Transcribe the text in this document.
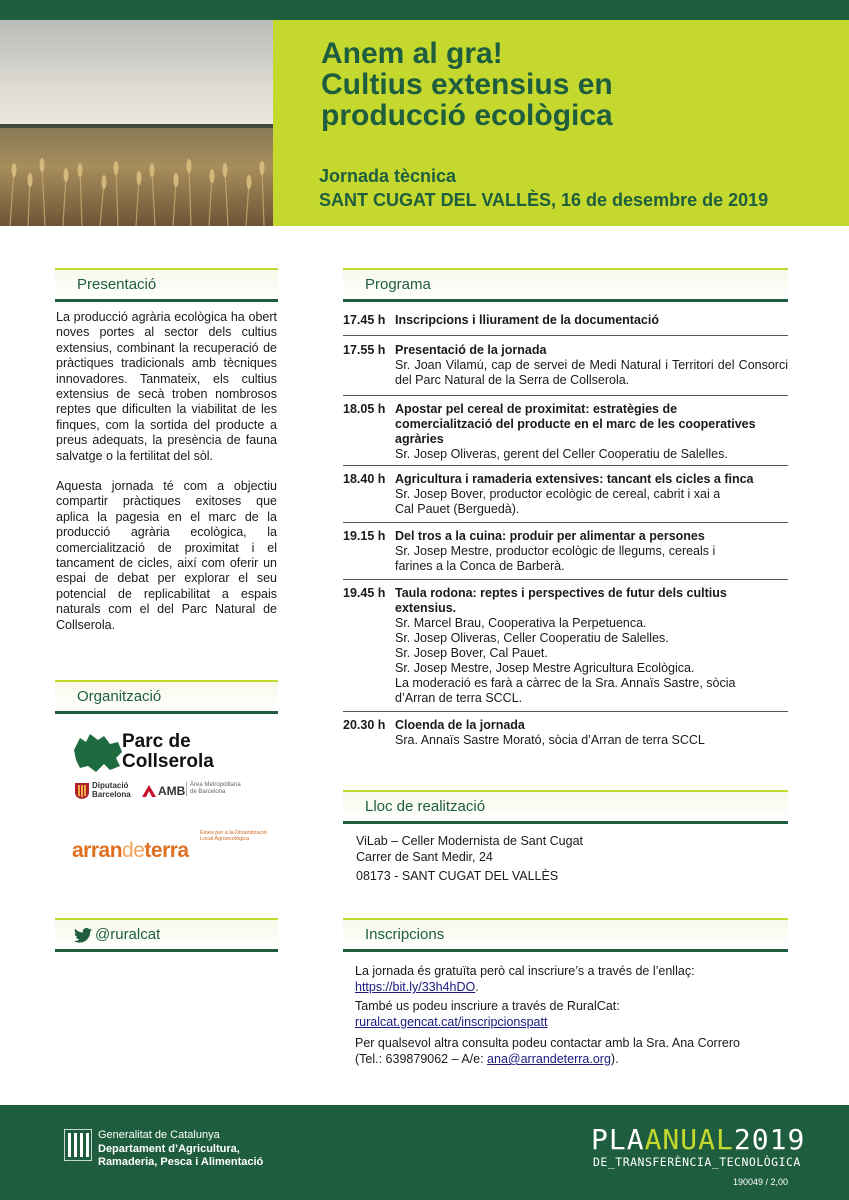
Anem al gra!
Cultius extensius en
producció ecològica
Jornada tècnica
SANT CUGAT DEL VALLÈS, 16 de desembre de 2019
Presentació
La producció agrària ecològica ha obert noves portes al sector dels cultius extensius, combinant la recuperació de pràctiques tradicionals amb tècniques innovadores. Tanmateix, els cultius extensius de secà troben nombrosos reptes que dificulten la viabilitat de les finques, com la sortida del producte a preus adequats, la presència de fauna salvatge o la fertilitat del sòl.
Aquesta jornada té com a objectiu compartir pràctiques exitoses que aplica la pagesia en el marc de la producció agrària ecològica, la comercialització de proximitat i el tancament de cicles, així com oferir un espai de debat per explorar el seu potencial de replicabilitat a espais naturals com el del Parc Natural de Collserola.
Organització
Parc de
Collserola
Diputació
Barcelona AMB Àrea Metropolitana
de Barcelona
Eines per a la Dinamització
Local Agroecològica
arrandeterra
@ruralcat
Programa
17.45 h Inscripcions i lliurament de la documentació
17.55 h Presentació de la jornada
Sr. Joan Vilamú, cap de servei de Medi Natural i Territori del Consorci del Parc Natural de la Serra de Collserola.
18.05 h Apostar pel cereal de proximitat: estratègies de comercialització del producte en el marc de les cooperatives agràries
Sr. Josep Oliveras, gerent del Celler Cooperatiu de Salelles.
18.40 h Agricultura i ramaderia extensives: tancant els cicles a finca
Sr. Josep Bover, productor ecològic de cereal, cabrit i xai a
Cal Pauet (Berguedà).
19.15 h Del tros a la cuina: produir per alimentar a persones
Sr. Josep Mestre, productor ecològic de llegums, cereals i
farines a la Conca de Barberà.
19.45 h Taula rodona: reptes i perspectives de futur dels cultius extensius.
Sr. Marcel Brau, Cooperativa la Perpetuenca.
Sr. Josep Oliveras, Celler Cooperatiu de Salelles.
Sr. Josep Bover, Cal Pauet.
Sr. Josep Mestre, Josep Mestre Agricultura Ecològica.
La moderació es farà a càrrec de la Sra. Annaïs Sastre, sòcia
d’Arran de terra SCCL.
20.30 h Cloenda de la jornada
Sra. Annaïs Sastre Morató, sòcia d’Arran de terra SCCL
Lloc de realització
ViLab – Celler Modernista de Sant Cugat
Carrer de Sant Medir, 24
08173 - SANT CUGAT DEL VALLÈS
Inscripcions
La jornada és gratuïta però cal inscriure’s a través de l’enllaç:
https://bit.ly/33h4hDO.
També us podeu inscriure a través de RuralCat:
ruralcat.gencat.cat/inscripcionspatt
Per qualsevol altra consulta podeu contactar amb la Sra. Ana Correro
(Tel.: 639879062 – A/e: ana@arrandeterra.org).
Generalitat de Catalunya
Departament d’Agricultura,
Ramaderia, Pesca i Alimentació
PLAANUAL2019
DE_TRANSFERÈNCIA_TECNOLÒGICA
190049 / 2,00
